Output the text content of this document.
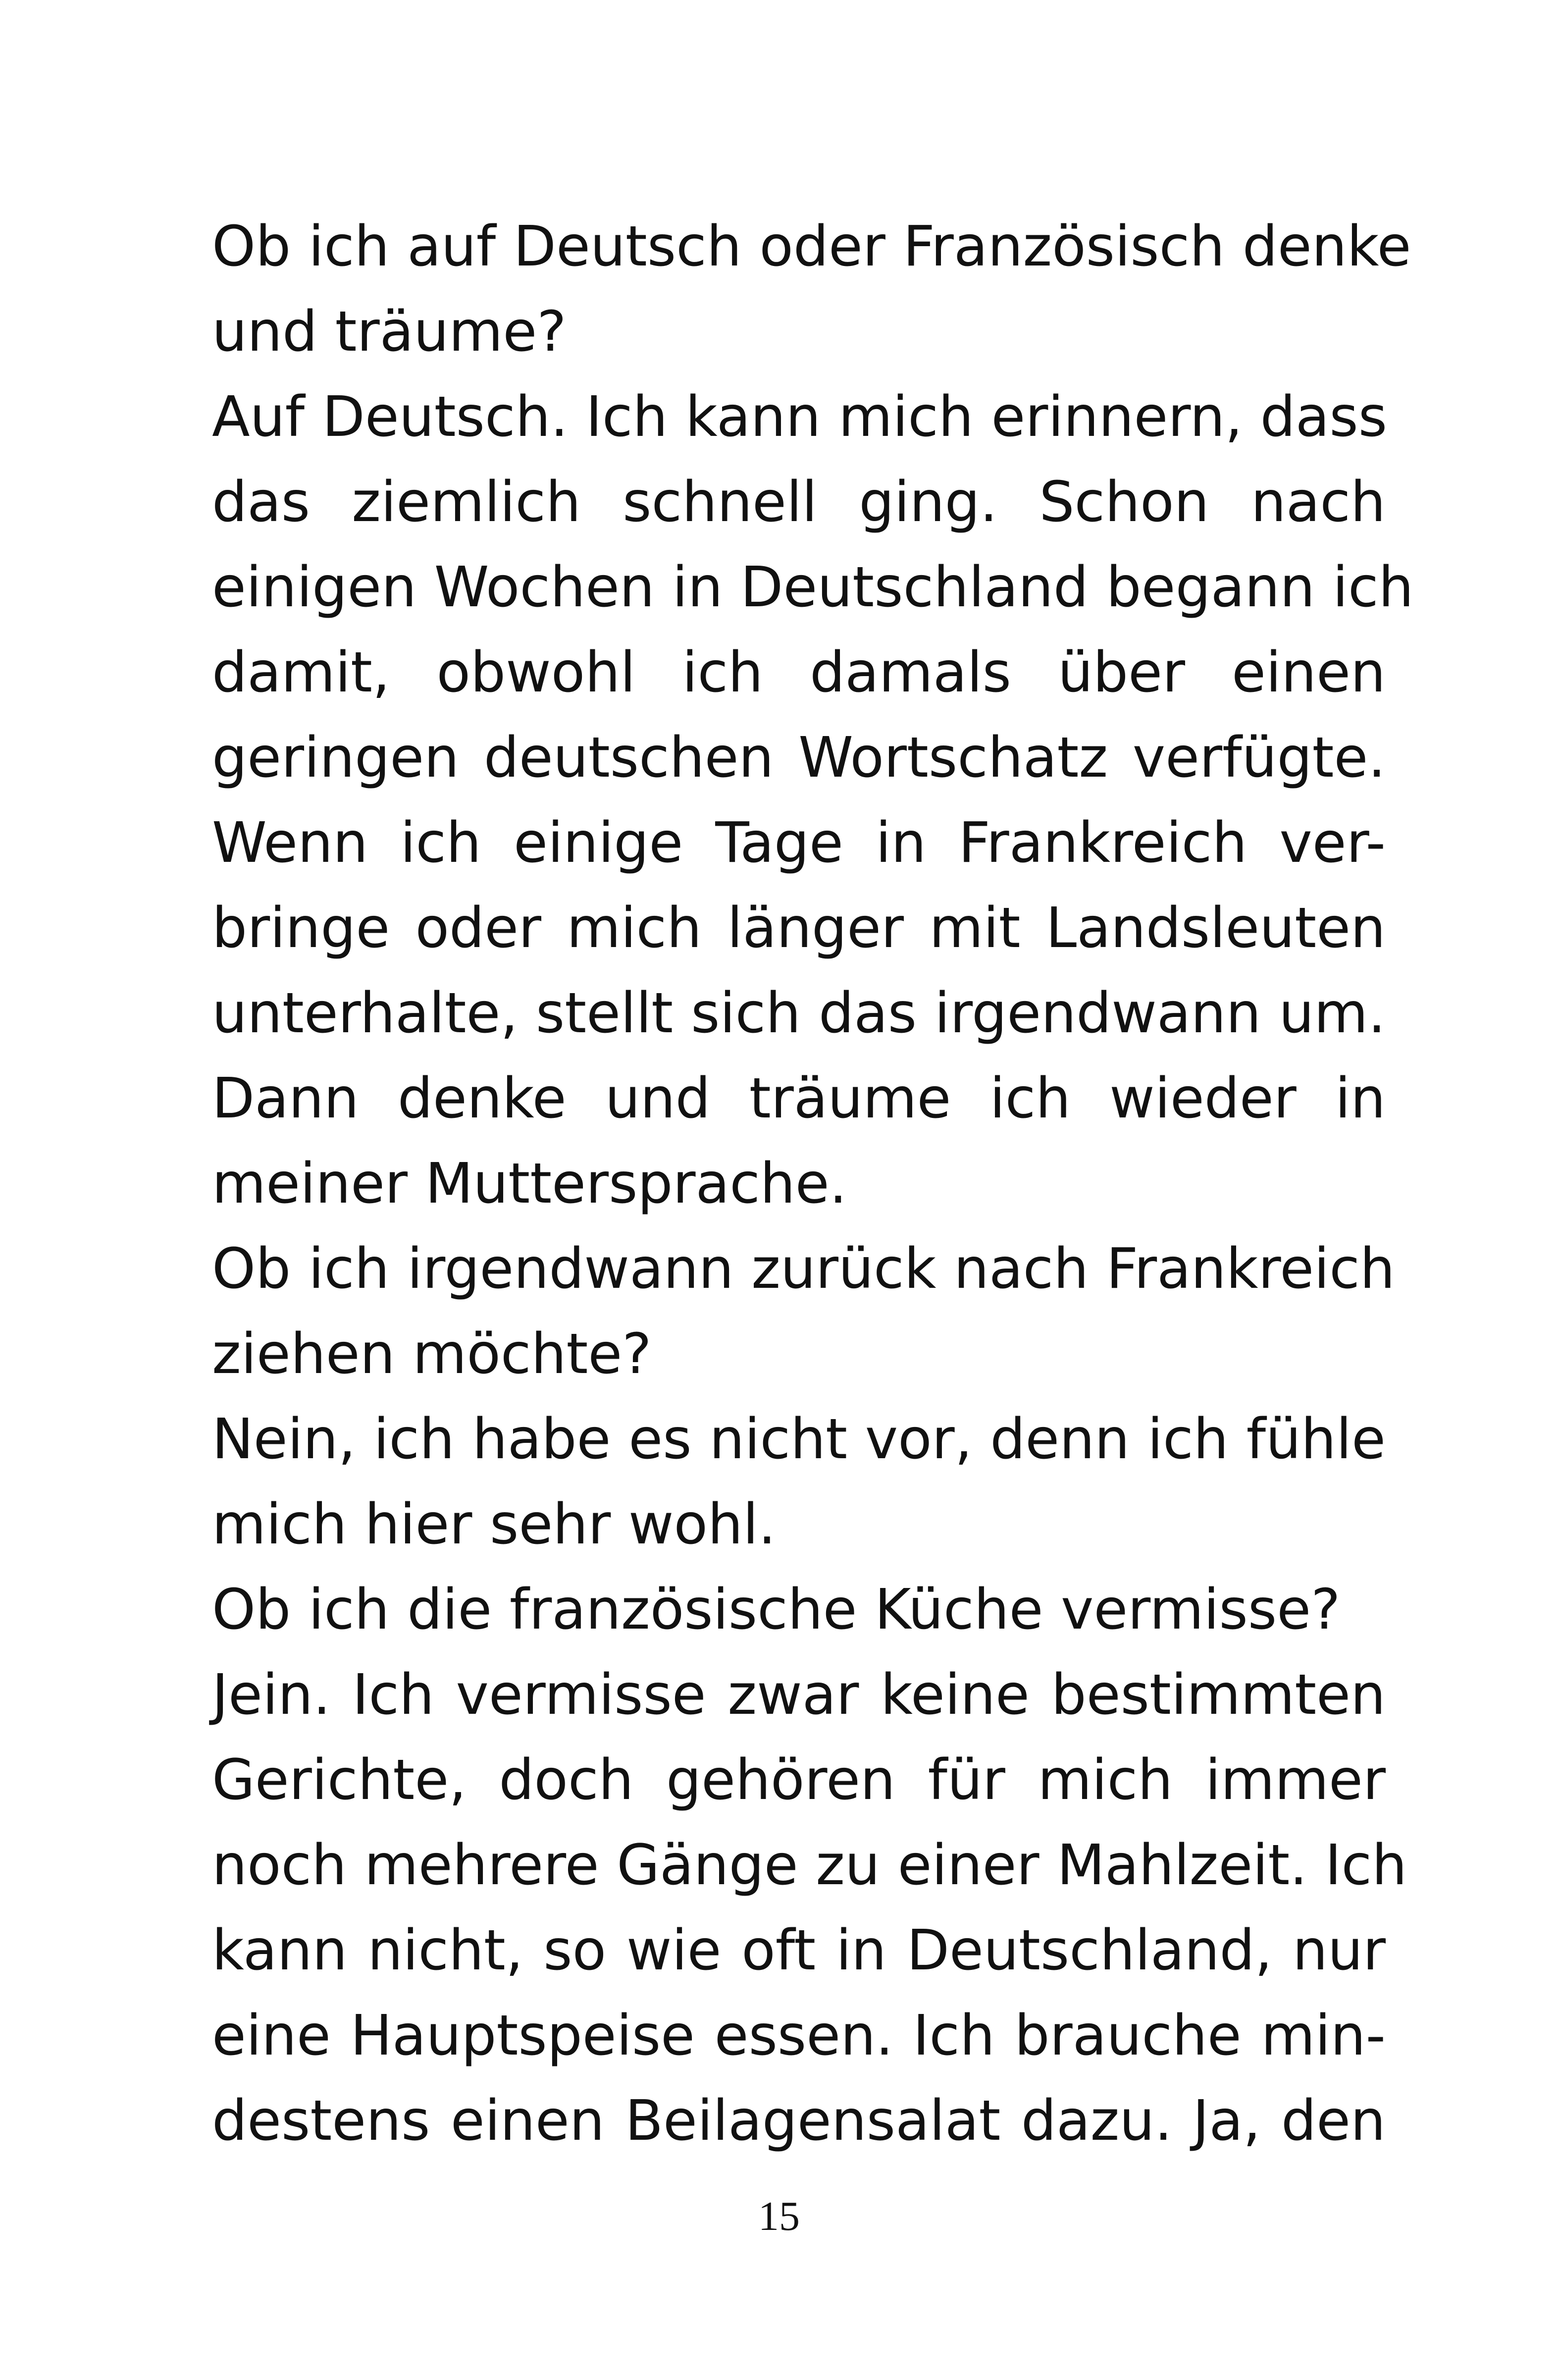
Ob ich auf Deutsch oder Französisch denke
und träume?
Auf Deutsch. Ich kann mich erinnern, dass
das ziemlich schnell ging. Schon nach
einigen Wochen in Deutschland begann ich
damit, obwohl ich damals über einen
geringen deutschen Wortschatz verfügte.
Wenn ich einige Tage in Frankreich ver-
bringe oder mich länger mit Landsleuten
unterhalte, stellt sich das irgendwann um.
Dann denke und träume ich wieder in
meiner Muttersprache.
Ob ich irgendwann zurück nach Frankreich
ziehen möchte?
Nein, ich habe es nicht vor, denn ich fühle
mich hier sehr wohl.
Ob ich die französische Küche vermisse?
Jein. Ich vermisse zwar keine bestimmten
Gerichte, doch gehören für mich immer
noch mehrere Gänge zu einer Mahlzeit. Ich
kann nicht, so wie oft in Deutschland, nur
eine Hauptspeise essen. Ich brauche min-
destens einen Beilagensalat dazu. Ja, den
15
